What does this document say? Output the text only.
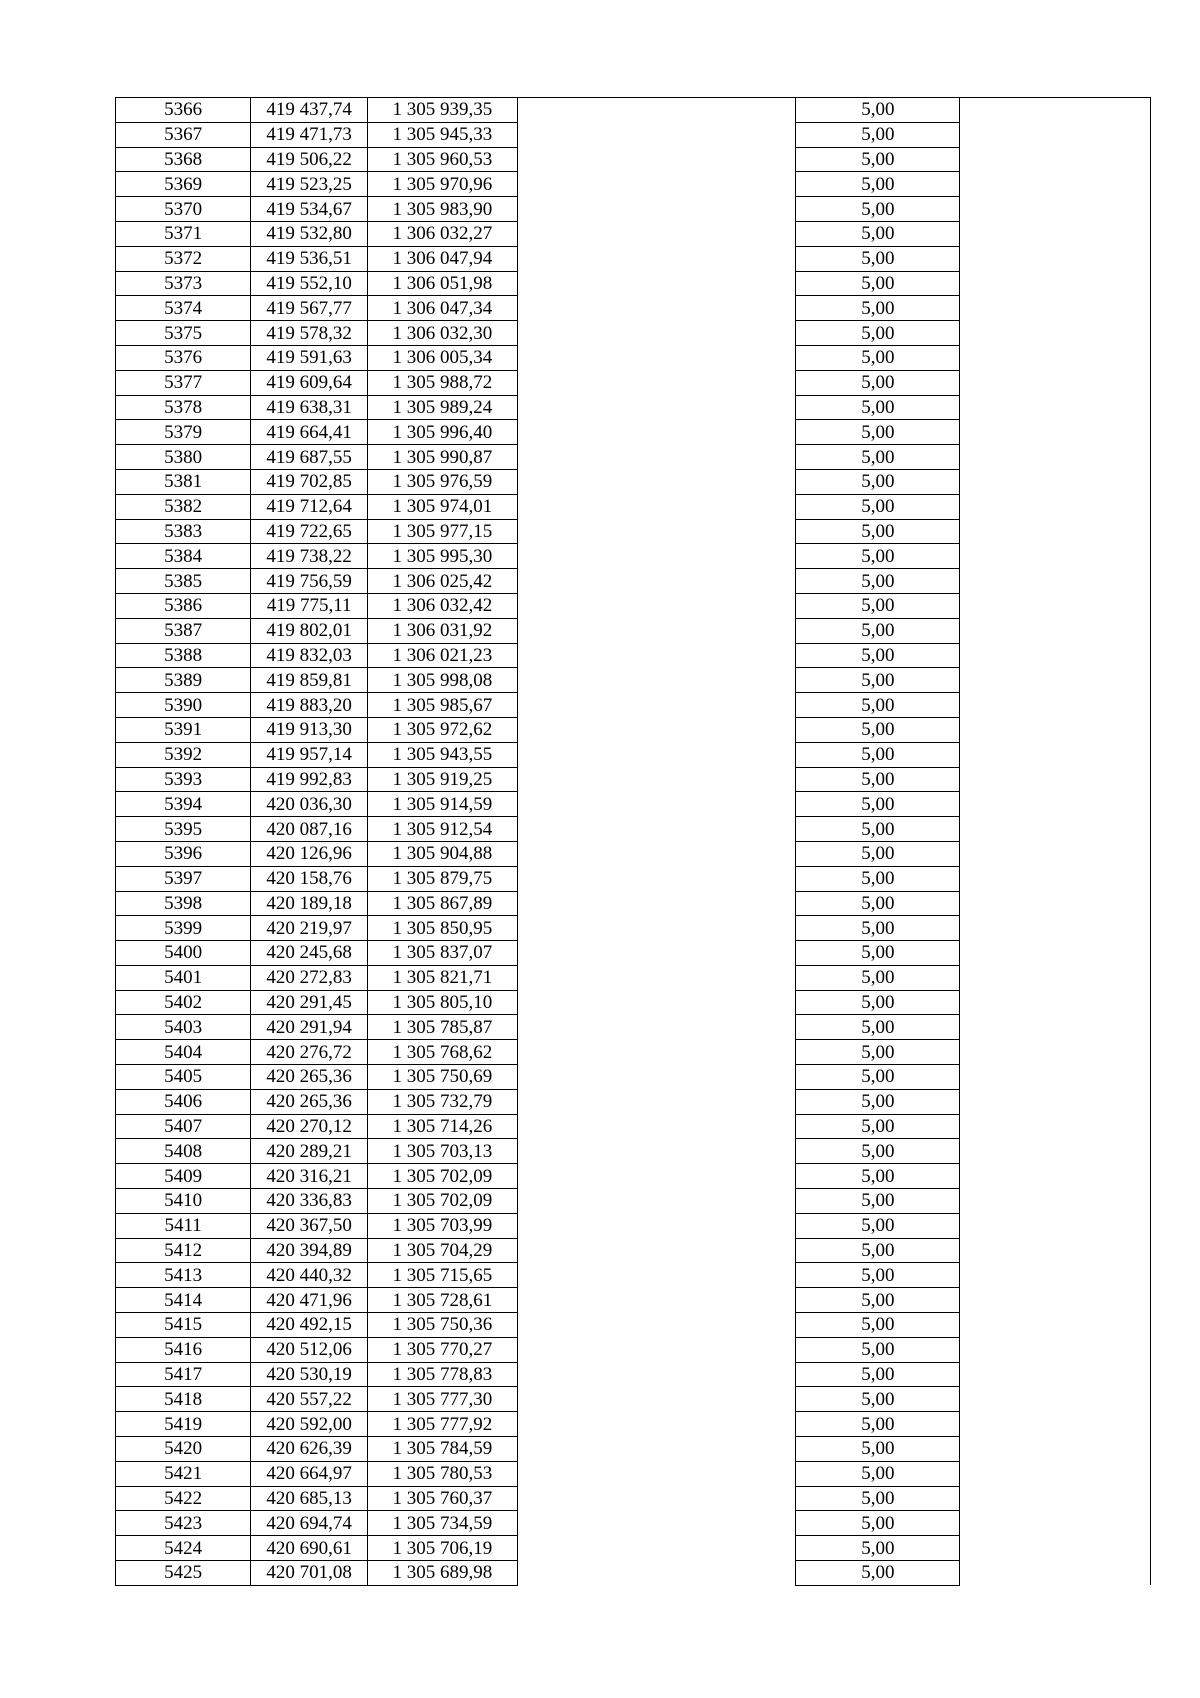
5366	419 437,74	1 305 939,35		5,00	
5367	419 471,73	1 305 945,33		5,00	
5368	419 506,22	1 305 960,53		5,00	
5369	419 523,25	1 305 970,96		5,00	
5370	419 534,67	1 305 983,90		5,00	
5371	419 532,80	1 306 032,27		5,00	
5372	419 536,51	1 306 047,94		5,00	
5373	419 552,10	1 306 051,98		5,00	
5374	419 567,77	1 306 047,34		5,00	
5375	419 578,32	1 306 032,30		5,00	
5376	419 591,63	1 306 005,34		5,00	
5377	419 609,64	1 305 988,72		5,00	
5378	419 638,31	1 305 989,24		5,00	
5379	419 664,41	1 305 996,40		5,00	
5380	419 687,55	1 305 990,87		5,00	
5381	419 702,85	1 305 976,59		5,00	
5382	419 712,64	1 305 974,01		5,00	
5383	419 722,65	1 305 977,15		5,00	
5384	419 738,22	1 305 995,30		5,00	
5385	419 756,59	1 306 025,42		5,00	
5386	419 775,11	1 306 032,42		5,00	
5387	419 802,01	1 306 031,92		5,00	
5388	419 832,03	1 306 021,23		5,00	
5389	419 859,81	1 305 998,08		5,00	
5390	419 883,20	1 305 985,67		5,00	
5391	419 913,30	1 305 972,62		5,00	
5392	419 957,14	1 305 943,55		5,00	
5393	419 992,83	1 305 919,25		5,00	
5394	420 036,30	1 305 914,59		5,00	
5395	420 087,16	1 305 912,54		5,00	
5396	420 126,96	1 305 904,88		5,00	
5397	420 158,76	1 305 879,75		5,00	
5398	420 189,18	1 305 867,89		5,00	
5399	420 219,97	1 305 850,95		5,00	
5400	420 245,68	1 305 837,07		5,00	
5401	420 272,83	1 305 821,71		5,00	
5402	420 291,45	1 305 805,10		5,00	
5403	420 291,94	1 305 785,87		5,00	
5404	420 276,72	1 305 768,62		5,00	
5405	420 265,36	1 305 750,69		5,00	
5406	420 265,36	1 305 732,79		5,00	
5407	420 270,12	1 305 714,26		5,00	
5408	420 289,21	1 305 703,13		5,00	
5409	420 316,21	1 305 702,09		5,00	
5410	420 336,83	1 305 702,09		5,00	
5411	420 367,50	1 305 703,99		5,00	
5412	420 394,89	1 305 704,29		5,00	
5413	420 440,32	1 305 715,65		5,00	
5414	420 471,96	1 305 728,61		5,00	
5415	420 492,15	1 305 750,36		5,00	
5416	420 512,06	1 305 770,27		5,00	
5417	420 530,19	1 305 778,83		5,00	
5418	420 557,22	1 305 777,30		5,00	
5419	420 592,00	1 305 777,92		5,00	
5420	420 626,39	1 305 784,59		5,00	
5421	420 664,97	1 305 780,53		5,00	
5422	420 685,13	1 305 760,37		5,00	
5423	420 694,74	1 305 734,59		5,00	
5424	420 690,61	1 305 706,19		5,00	
5425	420 701,08	1 305 689,98		5,00	
